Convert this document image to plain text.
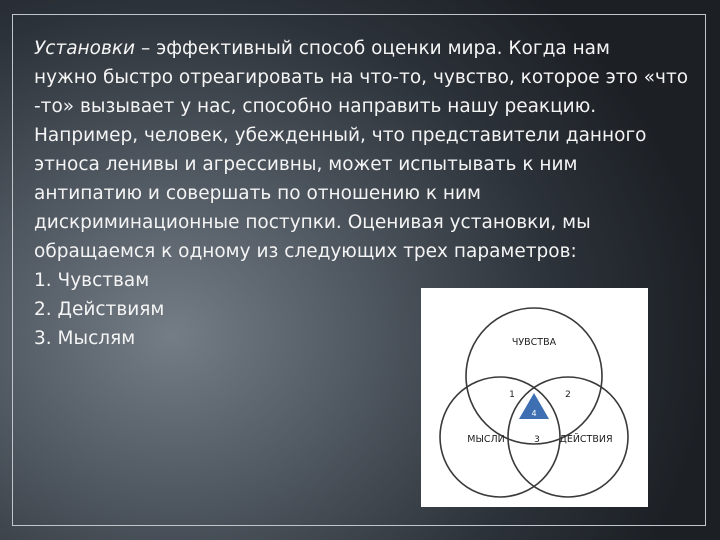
Установки – эффективный способ оценки мира. Когда нам

нужно быстро отреагировать на что-то, чувство, которое это «что

-то» вызывает у нас, способно направить нашу реакцию.

Например, человек, убежденный, что представители данного

этноса ленивы и агрессивны, может испытывать к ним

антипатию и совершать по отношению к ним

дискриминационные поступки. Оценивая установки, мы

обращаемся к одному из следующих трех параметров:

1. Чувствам

2. Действиям

3. Мыслям	ЧУВСТВА
МЫСЛИ	ДЕЙСТВИЯ
1	2
3
4
